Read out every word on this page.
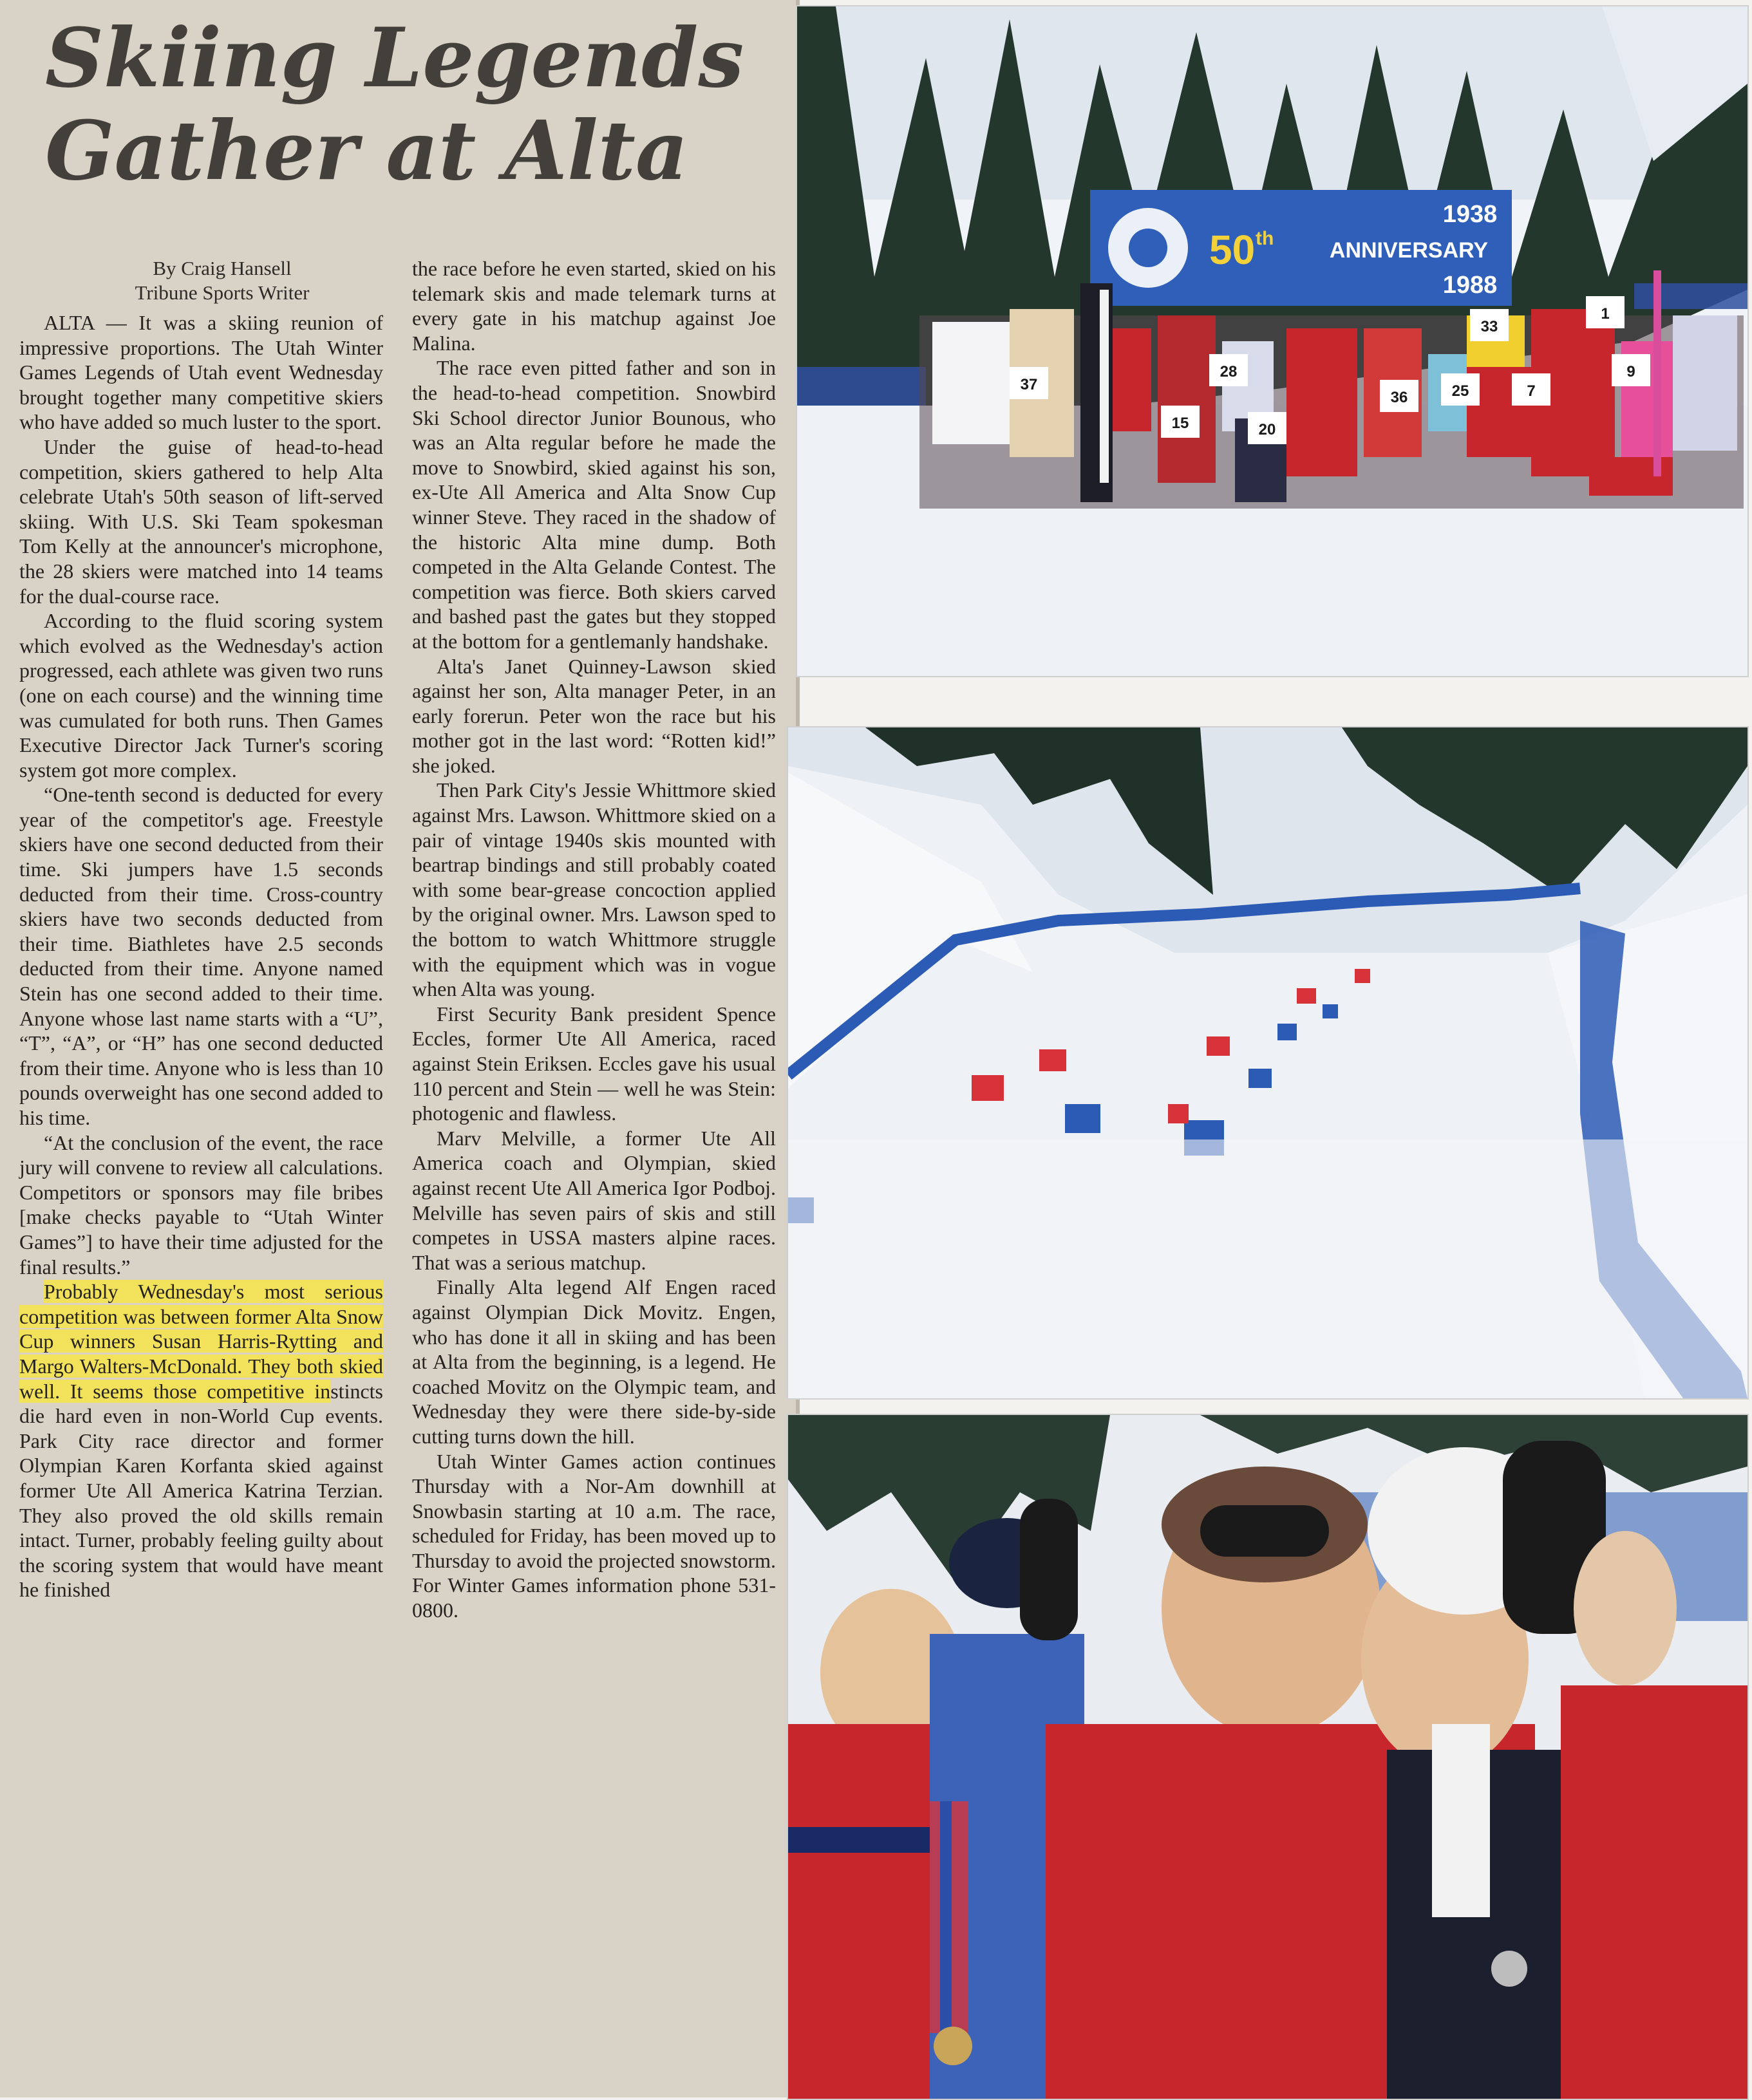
Skiing Legends Gather at Alta
By Craig Hansell
Tribune Sports Writer

ALTA — It was a skiing reunion of impressive proportions. The Utah Winter Games Legends of Utah event Wednesday brought together many competitive skiers who have added so much luster to the sport.

Under the guise of head-to-head competition, skiers gathered to help Alta celebrate Utah's 50th season of lift-served skiing. With U.S. Ski Team spokesman Tom Kelly at the announcer's microphone, the 28 skiers were matched into 14 teams for the dual-course race.

According to the fluid scoring system which evolved as the Wednesday's action progressed, each athlete was given two runs (one on each course) and the winning time was cumulated for both runs. Then Games Executive Director Jack Turner's scoring system got more complex.

“One-tenth second is deducted for every year of the competitor's age. Freestyle skiers have one second deducted from their time. Ski jumpers have 1.5 seconds deducted from their time. Cross-country skiers have two seconds deducted from their time. Biathletes have 2.5 seconds deducted from their time. Anyone named Stein has one second added to their time. Anyone whose last name starts with a “U”, “T”, “A”, or “H” has one second deducted from their time. Anyone who is less than 10 pounds overweight has one second added to his time.

“At the conclusion of the event, the race jury will convene to review all calculations. Competitors or sponsors may file bribes [make checks payable to “Utah Winter Games”] to have their time adjusted for the final results.”

Probably Wednesday's most serious competition was between former Alta Snow Cup winners Susan Harris-Rytting and Margo Walters-McDonald. They both skied well. It seems those competitive instincts die hard even in non-World Cup events. Park City race director and former Olympian Karen Korfanta skied against former Ute All America Katrina Terzian. They also proved the old skills remain intact. Turner, probably feeling guilty about the scoring system that would have meant he finished

the race before he even started, skied on his telemark skis and made telemark turns at every gate in his matchup against Joe Malina.

The race even pitted father and son in the head-to-head competition. Snowbird Ski School director Junior Bounous, who was an Alta regular before he made the move to Snowbird, skied against his son, ex-Ute All America and Alta Snow Cup winner Steve. They raced in the shadow of the historic Alta mine dump. Both competed in the Alta Gelande Contest. The competition was fierce. Both skiers carved and bashed past the gates but they stopped at the bottom for a gentlemanly handshake.

Alta's Janet Quinney-Lawson skied against her son, Alta manager Peter, in an early forerun. Peter won the race but his mother got in the last word: “Rotten kid!” she joked.

Then Park City's Jessie Whittmore skied against Mrs. Lawson. Whittmore skied on a pair of vintage 1940s skis mounted with beartrap bindings and still probably coated with some bear-grease concoction applied by the original owner. Mrs. Lawson sped to the bottom to watch Whittmore struggle with the equipment which was in vogue when Alta was young.

First Security Bank president Spence Eccles, former Ute All America, raced against Stein Eriksen. Eccles gave his usual 110 percent and Stein — well he was Stein: photogenic and flawless.

Marv Melville, a former Ute All America coach and Olympian, skied against recent Ute All America Igor Podboj. Melville has seven pairs of skis and still competes in USSA masters alpine races. That was a serious matchup.

Finally Alta legend Alf Engen raced against Olympian Dick Movitz. Engen, who has done it all in skiing and has been at Alta from the beginning, is a legend. He coached Movitz on the Olympic team, and Wednesday they were there side-by-side cutting turns down the hill.

Utah Winter Games action continues Thursday with a Nor-Am downhill at Snowbasin starting at 10 a.m. The race, scheduled for Friday, has been moved up to Thursday to avoid the projected snowstorm. For Winter Games information phone 531-0800.

1938
50 th	ANNIVERSARY
1988
37
15
28
20
36	25	7
9
33
1
